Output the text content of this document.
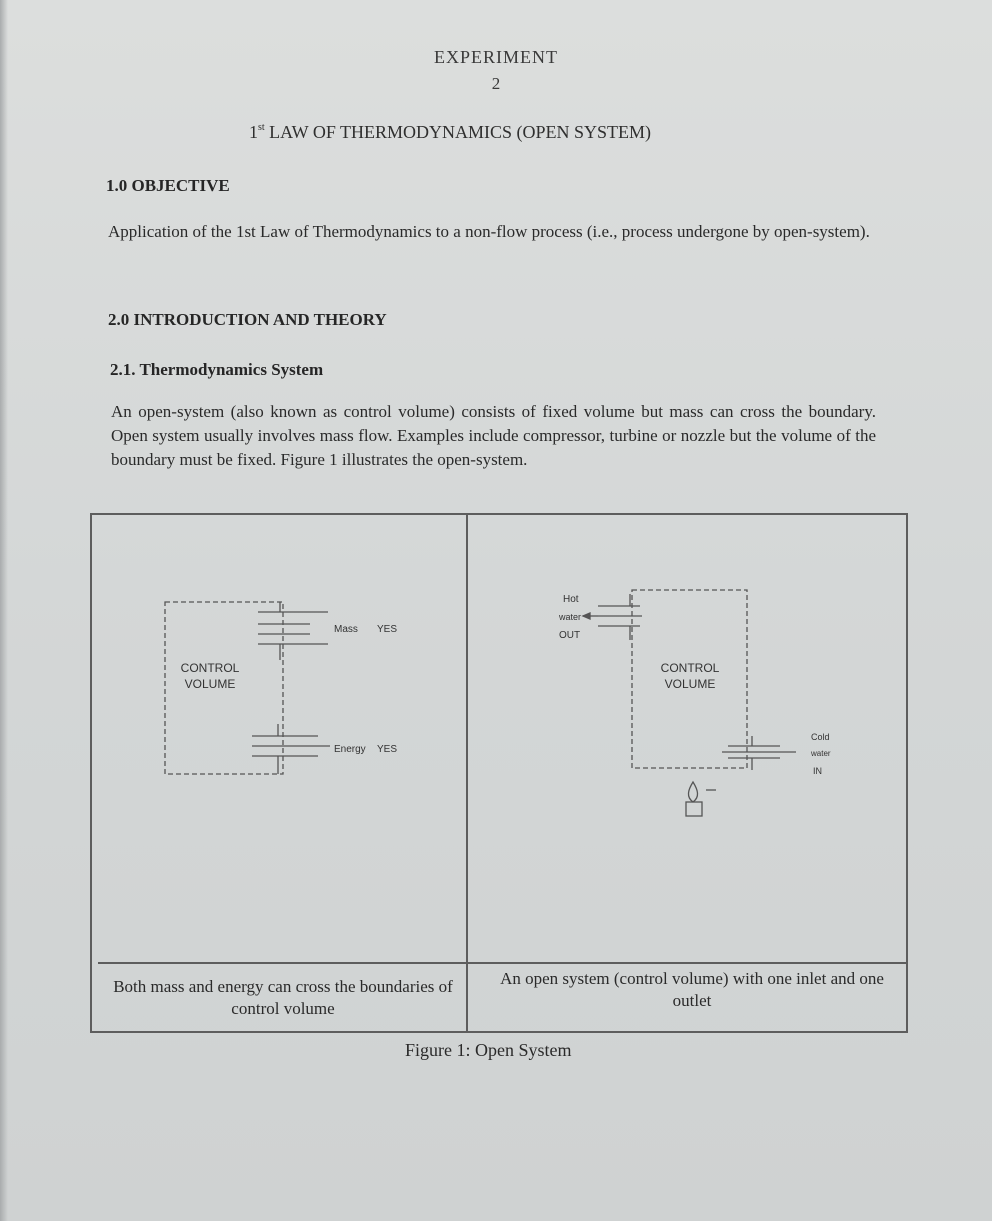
EXPERIMENT
2
1st LAW OF THERMODYNAMICS (OPEN SYSTEM)
1.0 OBJECTIVE
Application of the 1st Law of Thermodynamics to a non-flow process (i.e., process undergone by open-system).
2.0 INTRODUCTION AND THEORY
2.1. Thermodynamics System
An open-system (also known as control volume) consists of fixed volume but mass can cross the boundary. Open system usually involves mass flow. Examples include compressor, turbine or nozzle but the volume of the boundary must be fixed. Figure 1 illustrates the open-system.
CONTROL
VOLUME
Mass YES
Energy YES
Hot
water
OUT
CONTROL
VOLUME
Cold
water
IN
Both mass and energy can cross the boundaries of control volume
An open system (control volume) with one inlet and one outlet
Figure 1: Open System
